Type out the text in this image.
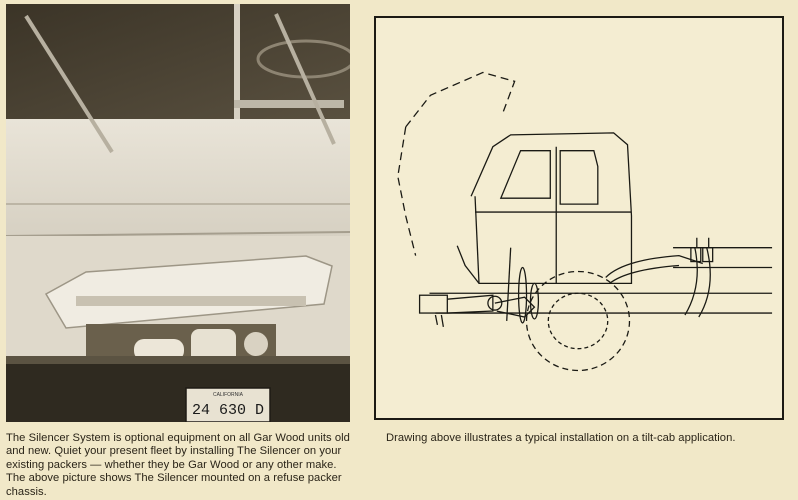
CALIFORNIA
24 630 D

The Silencer System is optional equipment on all Gar Wood units old and new. Quiet your present fleet by installing The Silencer on your existing packers — whether they be Gar Wood or any other make. The above picture shows The Silencer mounted on a refuse packer chassis.

Drawing above illustrates a typical installation on a tilt-cab application.
